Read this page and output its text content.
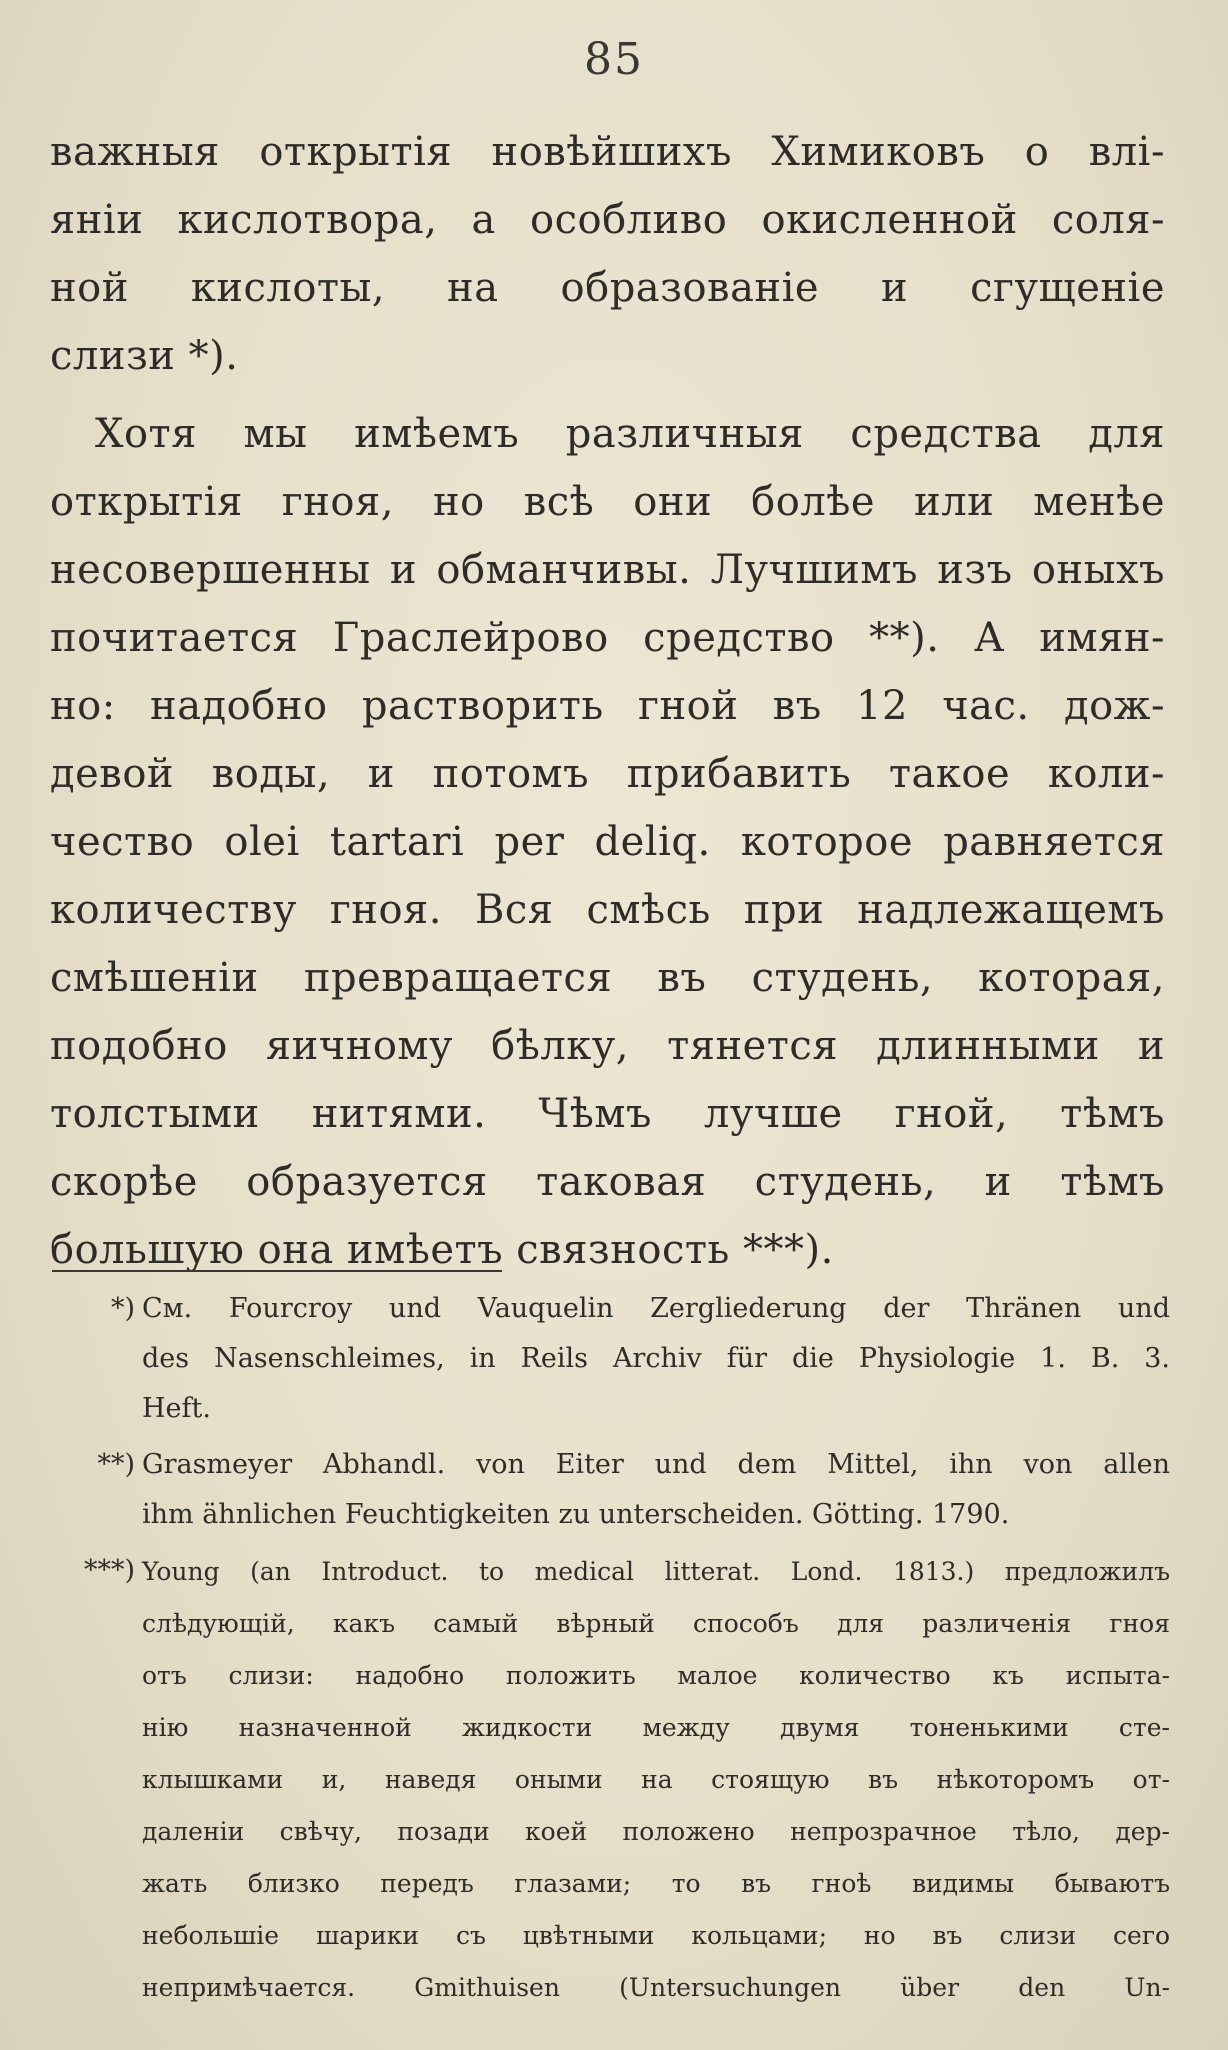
85
важныя открытія новѣйшихъ Химиковъ о влі-
яніи кислотвора, а особливо окисленной соля-
ной кислоты, на образованіе и сгущеніе
слизи *).
Хотя мы имѣемъ различныя средства для
открытія гноя, но всѣ они болѣе или менѣе
несовершенны и обманчивы. Лучшимъ изъ оныхъ
почитается Граслейрово средство **). А имян-
но: надобно растворить гной въ 12 час. дож-
девой воды, и потомъ прибавить такое коли-
чество olei tartari per deliq. которое равняется
количеству гноя. Вся смѣсь при надлежащемъ
смѣшеніи превращается въ студень, которая,
подобно яичному бѣлку, тянется длинными и
толстыми нитями. Чѣмъ лучше гной, тѣмъ
скорѣе образуется таковая студень, и тѣмъ
большую она имѣетъ связность ***).
*) См. Fourcroy und Vauquelin Zergliederung der Thränen und
des Nasenschleimes, in Reils Archiv für die Physiologie 1. B. 3.
Heft.
**) Grasmeyer Abhandl. von Eiter und dem Mittel, ihn von allen
ihm ähnlichen Feuchtigkeiten zu unterscheiden. Götting. 1790.
***) Young (an Introduct. to medical litterat. Lond. 1813.) предложилъ
слѣдующій, какъ самый вѣрный способъ для различенія гноя
отъ слизи: надобно положить малое количество къ испыта-
нію назначенной жидкости между двумя тоненькими сте-
клышками и, наведя оными на стоящую въ нѣкоторомъ от-
даленіи свѣчу, позади коей положено непрозрачное тѣло, дер-
жать близко передъ глазами; то въ гноѣ видимы бываютъ
небольшіе шарики съ цвѣтными кольцами; но въ слизи сего
непримѣчается. Gmithuisen (Untersuchungen über den Un-
